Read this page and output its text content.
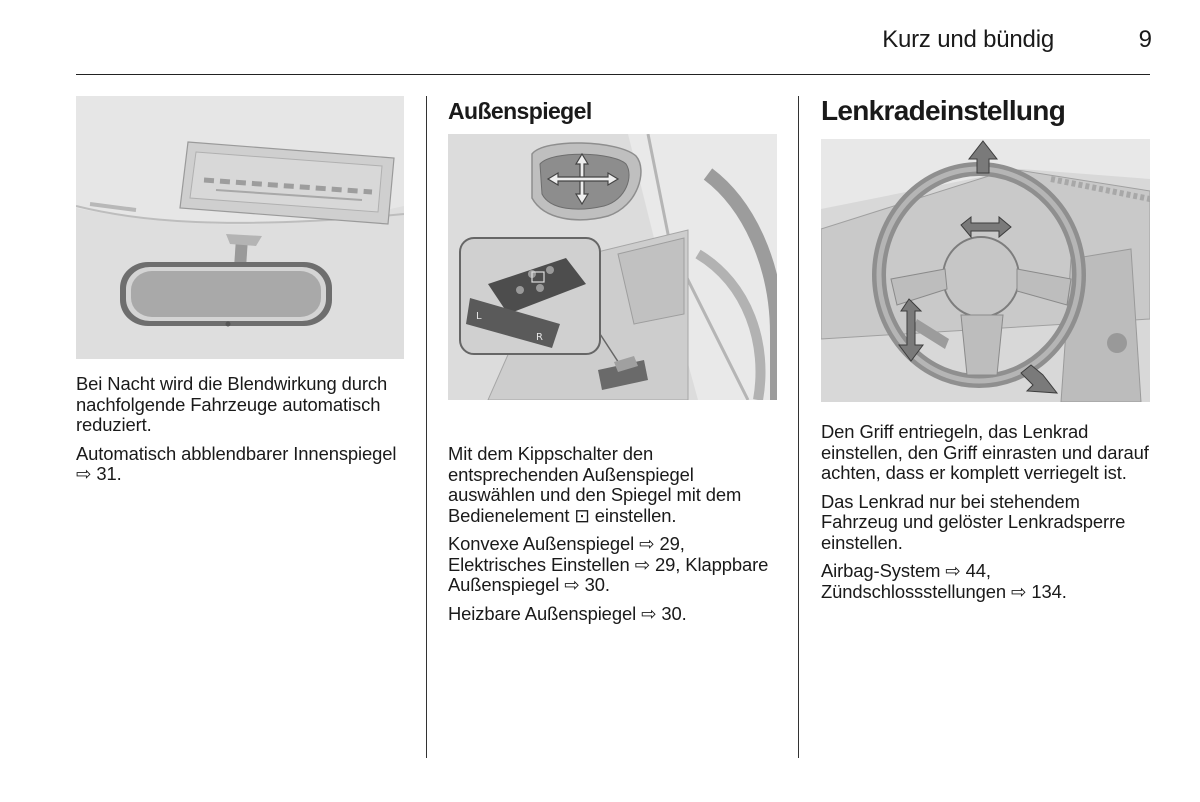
Kurz und bündig	9

Bei Nacht wird die Blendwirkung durch nachfolgende Fahrzeuge automatisch reduziert.

Automatisch abblendbarer Innenspiegel ⇨ 31.

Außenspiegel
L
R

Mit dem Kippschalter den entsprechenden Außenspiegel auswählen und den Spiegel mit dem Bedienelement ⊡ einstellen.

Konvexe Außenspiegel ⇨ 29, Elektrisches Einstellen ⇨ 29, Klappbare Außenspiegel ⇨ 30.

Heizbare Außenspiegel ⇨ 30.

Lenkradeinstellung

Den Griff entriegeln, das Lenkrad einstellen, den Griff einrasten und darauf achten, dass er komplett verriegelt ist.

Das Lenkrad nur bei stehendem Fahrzeug und gelöster Lenkradsperre einstellen.

Airbag-System ⇨ 44, Zündschlossstellungen ⇨ 134.
